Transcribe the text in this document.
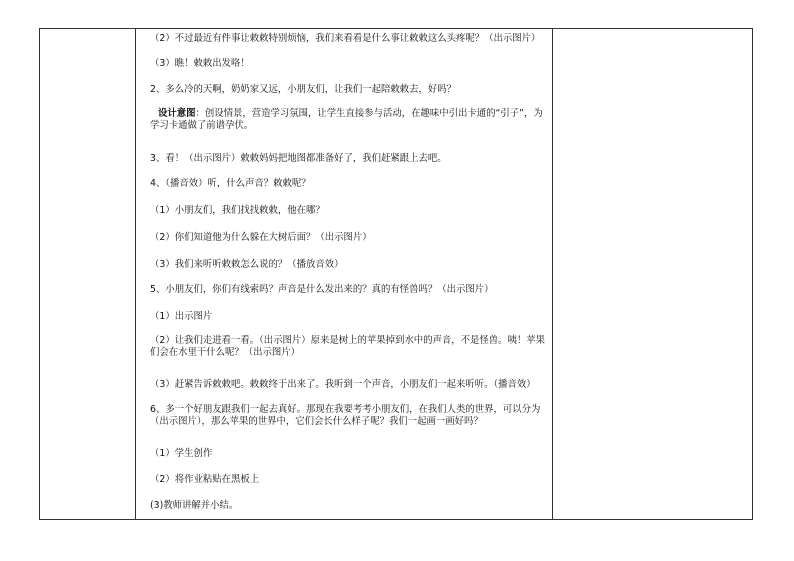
（2）不过最近有件事让敕敕特别烦恼，我们来看看是什么事让敕敕这么头疼呢？（出示图片）
（3）瞧！敕敕出发咯！
2、多么冷的天啊，奶奶家又远，小朋友们，让我们一起陪敕敕去，好吗？
设计意图：创设情景，营造学习氛围，让学生直接参与活动，在趣味中引出卡通的“引子”，为学习卡通做了前谱孕伏。
3、看！（出示图片）敕敕妈妈把地图都准备好了，我们赶紧跟上去吧。
4、（播音效）听，什么声音？敕敕呢？
（1）小朋友们，我们找找敕敕，他在哪？
（2）你们知道他为什么躲在大树后面？（出示图片）
（3）我们来听听敕敕怎么说的？（播放音效）
5、小朋友们，你们有线索吗？声音是什么发出来的？真的有怪兽吗？（出示图片）
（1）出示图片
（2）让我们走进看一看。（出示图片）原来是树上的苹果掉到水中的声音，不是怪兽。咦！苹果们会在水里干什么呢？（出示图片）
（3）赶紧告诉敕敕吧。敕敕终于出来了。我听到一个声音，小朋友们一起来听听。（播音效）
6、多一个好朋友跟我们一起去真好。那现在我要考考小朋友们，在我们人类的世界，可以分为（出示图片），那么苹果的世界中，它们会长什么样子呢？我们一起画一画好吗？
（1）学生创作
（2）将作业粘贴在黑板上
(3)教师讲解并小结。
